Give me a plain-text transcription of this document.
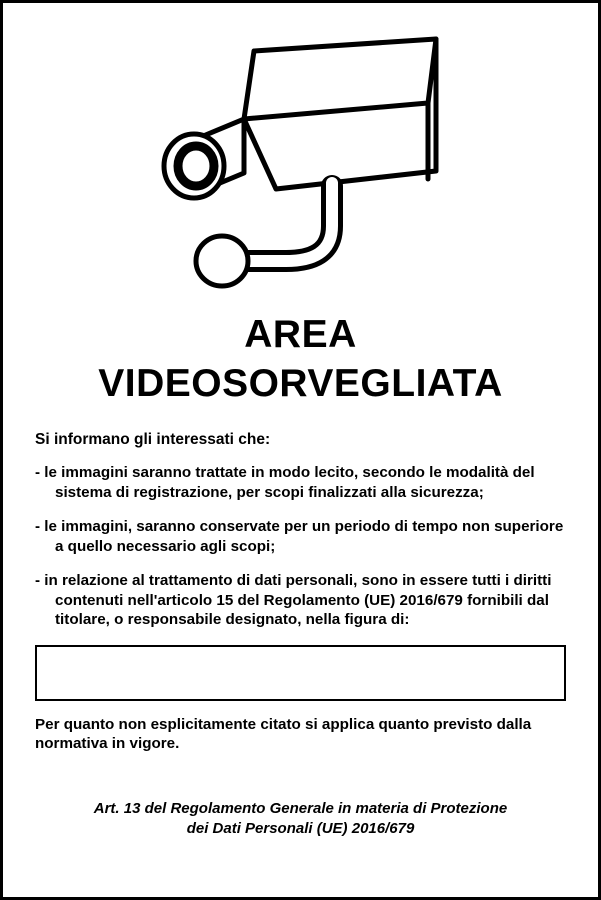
AREA
VIDEOSORVEGLIATA
Si informano gli interessati che:
- le immagini saranno trattate in modo lecito, secondo le modalità del
sistema di registrazione, per scopi finalizzati alla sicurezza;
- le immagini, saranno conservate per un periodo di tempo non superiore
a quello necessario agli scopi;
- in relazione al trattamento di dati personali, sono in essere tutti i diritti
contenuti nell'articolo 15 del Regolamento (UE) 2016/679 fornibili dal titolare, o responsabile designato, nella figura di:
Per quanto non esplicitamente citato si applica quanto previsto dalla normativa in vigore.
Art. 13 del Regolamento Generale in materia di Protezione
dei Dati Personali (UE) 2016/679
